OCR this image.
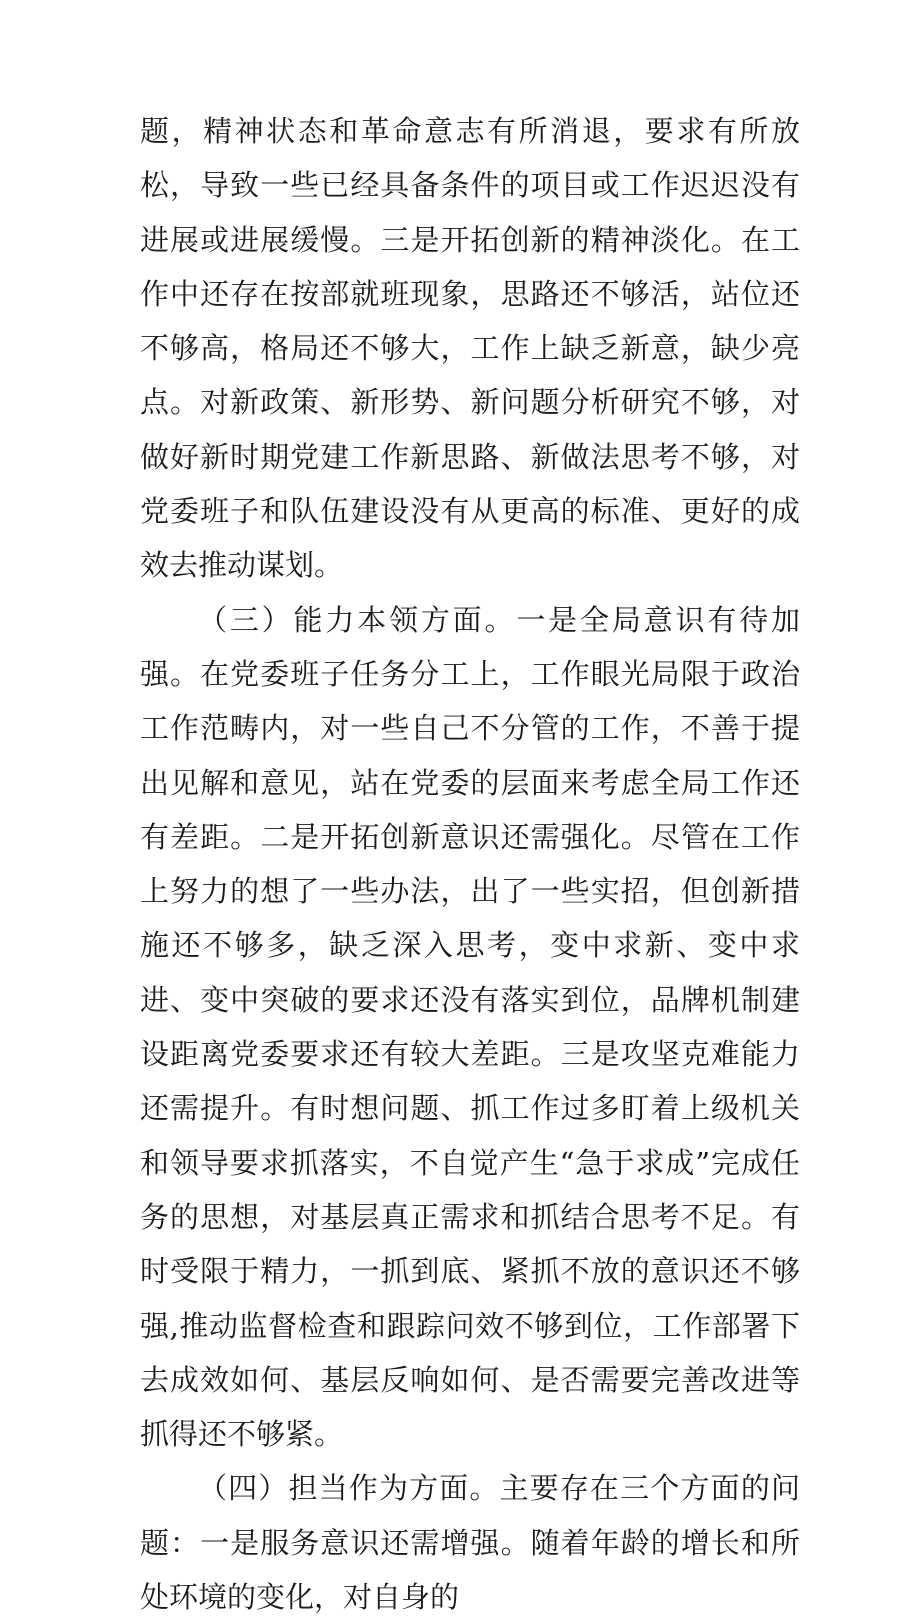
题，精神状态和革命意志有所消退，要求有所放松，导致一些已经具备条件的项目或工作迟迟没有进展或进展缓慢。三是开拓创新的精神淡化。在工作中还存在按部就班现象，思路还不够活，站位还不够高，格局还不够大，工作上缺乏新意，缺少亮点。对新政策、新形势、新问题分析研究不够，对做好新时期党建工作新思路、新做法思考不够，对党委班子和队伍建设没有从更高的标准、更好的成效去推动谋划。

（三）能力本领方面。一是全局意识有待加强。在党委班子任务分工上，工作眼光局限于政治工作范畴内，对一些自己不分管的工作，不善于提出见解和意见，站在党委的层面来考虑全局工作还有差距。二是开拓创新意识还需强化。尽管在工作上努力的想了一些办法，出了一些实招，但创新措施还不够多，缺乏深入思考，变中求新、变中求进、变中突破的要求还没有落实到位，品牌机制建设距离党委要求还有较大差距。三是攻坚克难能力还需提升。有时想问题、抓工作过多盯着上级机关和领导要求抓落实，不自觉产生“急于求成”完成任务的思想，对基层真正需求和抓结合思考不足。有时受限于精力，一抓到底、紧抓不放的意识还不够强,推动监督检查和跟踪问效不够到位，工作部署下去成效如何、基层反响如何、是否需要完善改进等抓得还不够紧。

（四）担当作为方面。主要存在三个方面的问题：一是服务意识还需增强。随着年龄的增长和所处环境的变化，对自身的
